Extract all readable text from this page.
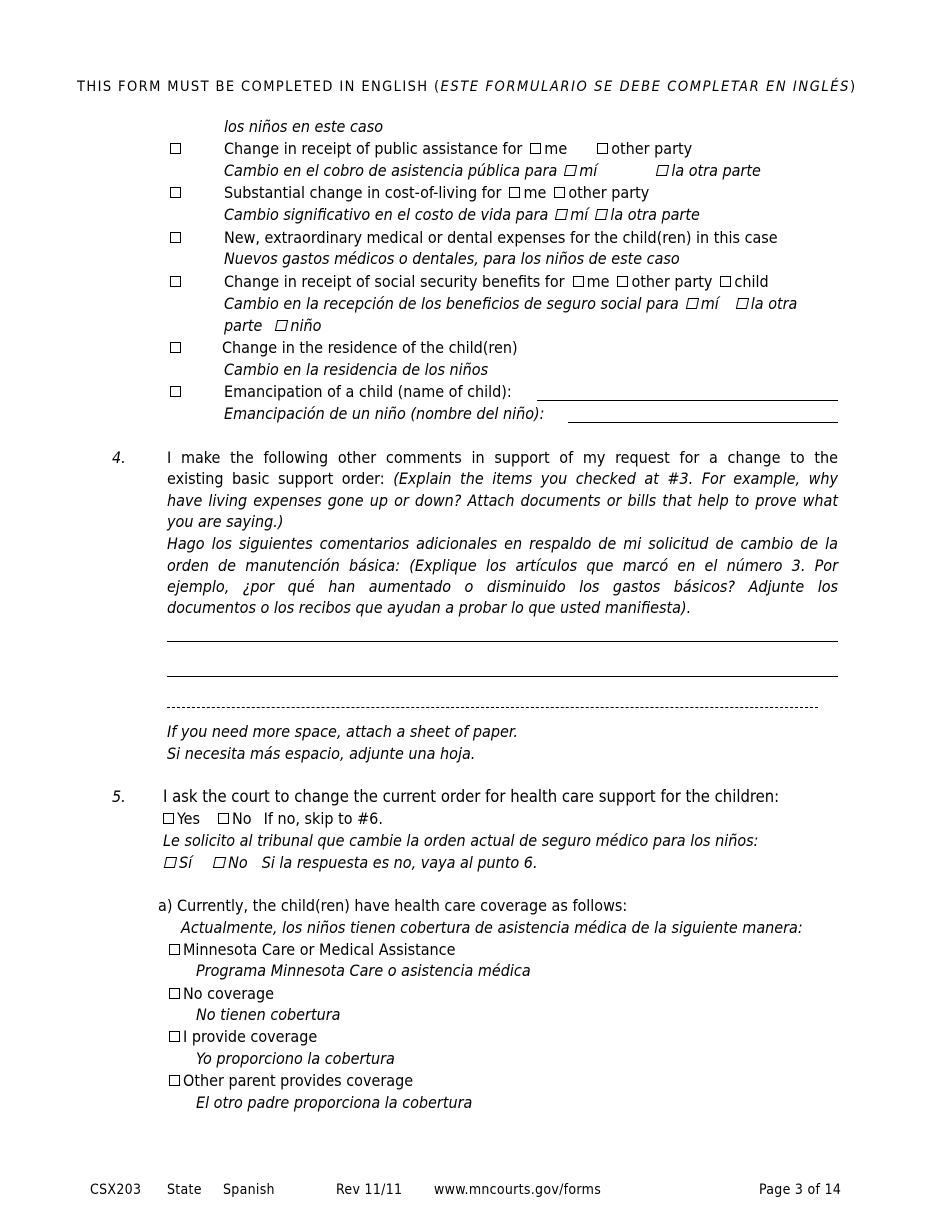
THIS FORM MUST BE COMPLETED IN ENGLISH (ESTE FORMULARIO SE DEBE COMPLETAR EN INGLÉS)
los niños en este caso
Change in receipt of public assistance for me	other party
Cambio en el cobro de asistencia pública para mí	la otra parte
Substantial change in cost-of-living for me other party
Cambio significativo en el costo de vida para mí la otra parte
New, extraordinary medical or dental expenses for the child(ren) in this case
Nuevos gastos médicos o dentales, para los niños de este caso
Change in receipt of social security benefits for me other party child
Cambio en la recepción de los beneficios de seguro social para mí la otra
parte niño
Change in the residence of the child(ren)
Cambio en la residencia de los niños
Emancipation of a child (name of child):
Emancipación de un niño (nombre del niño):
4.	I make the following other comments in support of my request for a change to the
existing basic support order: (Explain the items you checked at #3. For example, why
have living expenses gone up or down? Attach documents or bills that help to prove what
you are saying.)
Hago los siguientes comentarios adicionales en respaldo de mi solicitud de cambio de la
orden de manutención básica: (Explique los artículos que marcó en el número 3. Por
ejemplo, ¿por qué han aumentado o disminuido los gastos básicos? Adjunte los
documentos o los recibos que ayudan a probar lo que usted manifiesta).
If you need more space, attach a sheet of paper.
Si necesita más espacio, adjunte una hoja.
5. I ask the court to change the current order for health care support for the children:
Yes No If no, skip to #6.
Le solicito al tribunal que cambie la orden actual de seguro médico para los niños:
Sí No Si la respuesta es no, vaya al punto 6.
a) Currently, the child(ren) have health care coverage as follows:
Actualmente, los niños tienen cobertura de asistencia médica de la siguiente manera:
Minnesota Care or Medical Assistance
Programa Minnesota Care o asistencia médica
No coverage
No tienen cobertura
I provide coverage
Yo proporciono la cobertura
Other parent provides coverage
El otro padre proporciona la cobertura
CSX203 State Spanish	Rev 11/11 www.mncourts.gov/forms	Page 3 of 14
